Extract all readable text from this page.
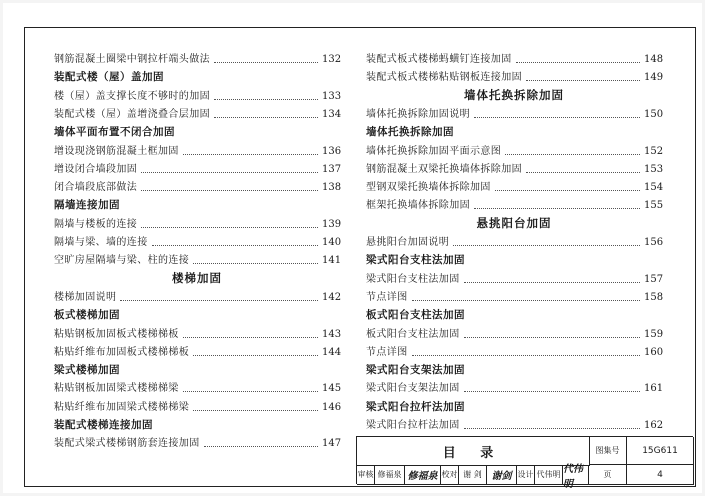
钢筋混凝土圈梁中钢拉杆端头做法	132
装配式楼（屋）盖加固
楼（屋）盖支撑长度不够时的加固	133
装配式楼（屋）盖增浇叠合层加固	134
墙体平面布置不闭合加固
增设现浇钢筋混凝土框加固	136
增设闭合墙段加固	137
闭合墙段底部做法	138
隔墙连接加固
隔墙与楼板的连接	139
隔墙与梁、墙的连接	140
空旷房屋隔墙与梁、柱的连接	141
楼梯加固
楼梯加固说明	142
板式楼梯加固
粘贴钢板加固板式楼梯梯板	143
粘贴纤维布加固板式楼梯梯板	144
梁式楼梯加固
粘贴钢板加固梁式楼梯梯梁	145
粘贴纤维布加固梁式楼梯梯梁	146
装配式楼梯连接加固
装配式梁式楼梯钢筋套连接加固	147
装配式板式楼梯蚂蟥钉连接加固	148
装配式板式楼梯粘贴钢板连接加固	149
墙体托换拆除加固
墙体托换拆除加固说明	150
墙体托换拆除加固
墙体托换拆除加固平面示意图	152
钢筋混凝土双梁托换墙体拆除加固	153
型钢双梁托换墙体拆除加固	154
框架托换墙体拆除加固	155
悬挑阳台加固
悬挑阳台加固说明	156
梁式阳台支柱法加固
梁式阳台支柱法加固	157
节点详图	158
板式阳台支柱法加固
板式阳台支柱法加固	159
节点详图	160
梁式阳台支架法加固
梁式阳台支架法加固	161
梁式阳台拉杆法加固
梁式阳台拉杆法加固	162
目 录	图集号	15G611
审核 修福泉 修福泉 校对 谢 剑 谢剑 设计 代伟明 代伟明
页	4
